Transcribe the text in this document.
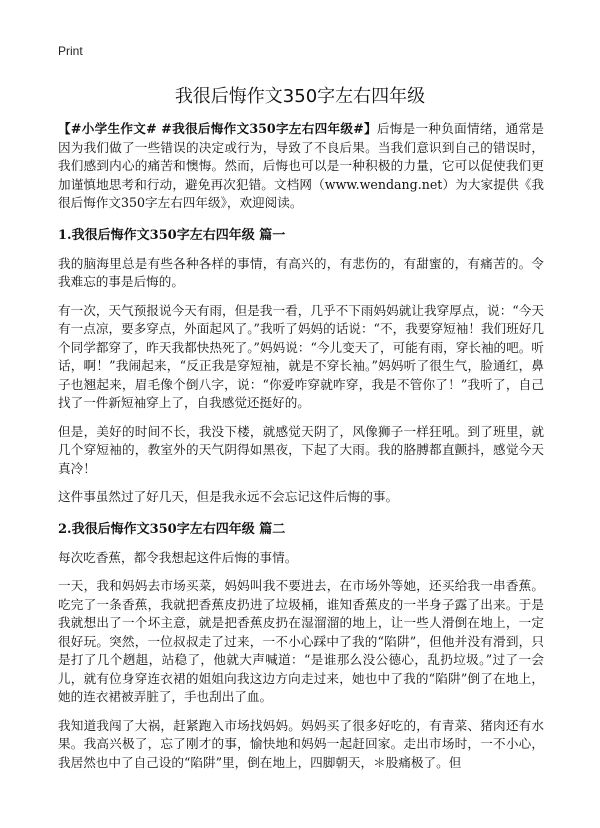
Print
我很后悔作文350字左右四年级

【#小学生作文# #我很后悔作文350字左右四年级#】后悔是一种负面情绪，通常是因为我们做了一些错误的决定或行为，导致了不良后果。当我们意识到自己的错误时，我们感到内心的痛苦和懊悔。然而，后悔也可以是一种积极的力量，它可以促使我们更加谨慎地思考和行动，避免再次犯错。文档网（www.wendang.net）为大家提供《我很后悔作文350字左右四年级》，欢迎阅读。

1.我很后悔作文350字左右四年级 篇一

我的脑海里总是有些各种各样的事情，有高兴的，有悲伤的，有甜蜜的，有痛苦的。令我难忘的事是后悔的。

有一次，天气预报说今天有雨，但是我一看，几乎不下雨妈妈就让我穿厚点，说：“今天有一点凉，要多穿点，外面起风了。”我听了妈妈的话说：“不，我要穿短袖！我们班好几个同学都穿了，昨天我都快热死了。”妈妈说：“今儿变天了，可能有雨，穿长袖的吧。听话，啊！”我闹起来，“反正我是穿短袖，就是不穿长袖。”妈妈听了很生气，脸通红，鼻子也翘起来，眉毛像个倒八字，说：“你爱咋穿就咋穿，我是不管你了！”我听了，自己找了一件新短袖穿上了，自我感觉还挺好的。

但是，美好的时间不长，我没下楼，就感觉天阴了，风像狮子一样狂吼。到了班里，就几个穿短袖的，教室外的天气阴得如黑夜，下起了大雨。我的胳膊都直颤抖，感觉今天真冷！

这件事虽然过了好几天，但是我永远不会忘记这件后悔的事。

2.我很后悔作文350字左右四年级 篇二

每次吃香蕉，都令我想起这件后悔的事情。

一天，我和妈妈去市场买菜，妈妈叫我不要进去，在市场外等她，还买给我一串香蕉。吃完了一条香蕉，我就把香蕉皮扔进了垃圾桶，谁知香蕉皮的一半身子露了出来。于是我就想出了一个坏主意，就是把香蕉皮扔在湿溜溜的地上，让一些人滑倒在地上，一定很好玩。突然，一位叔叔走了过来，一不小心踩中了我的“陷阱”，但他并没有滑到，只是打了几个趔趄，站稳了，他就大声喊道：“是谁那么没公德心，乱扔垃圾。”过了一会儿，就有位身穿连衣裙的姐姐向我这边方向走过来，她也中了我的“陷阱”倒了在地上，她的连衣裙被弄脏了，手也刮出了血。

我知道我闯了大祸，赶紧跑入市场找妈妈。妈妈买了很多好吃的，有青菜、猪肉还有水果。我高兴极了，忘了刚才的事，愉快地和妈妈一起赶回家。走出市场时，一不小心，我居然也中了自己设的“陷阱”里，倒在地上，四脚朝天，＊股痛极了。但
